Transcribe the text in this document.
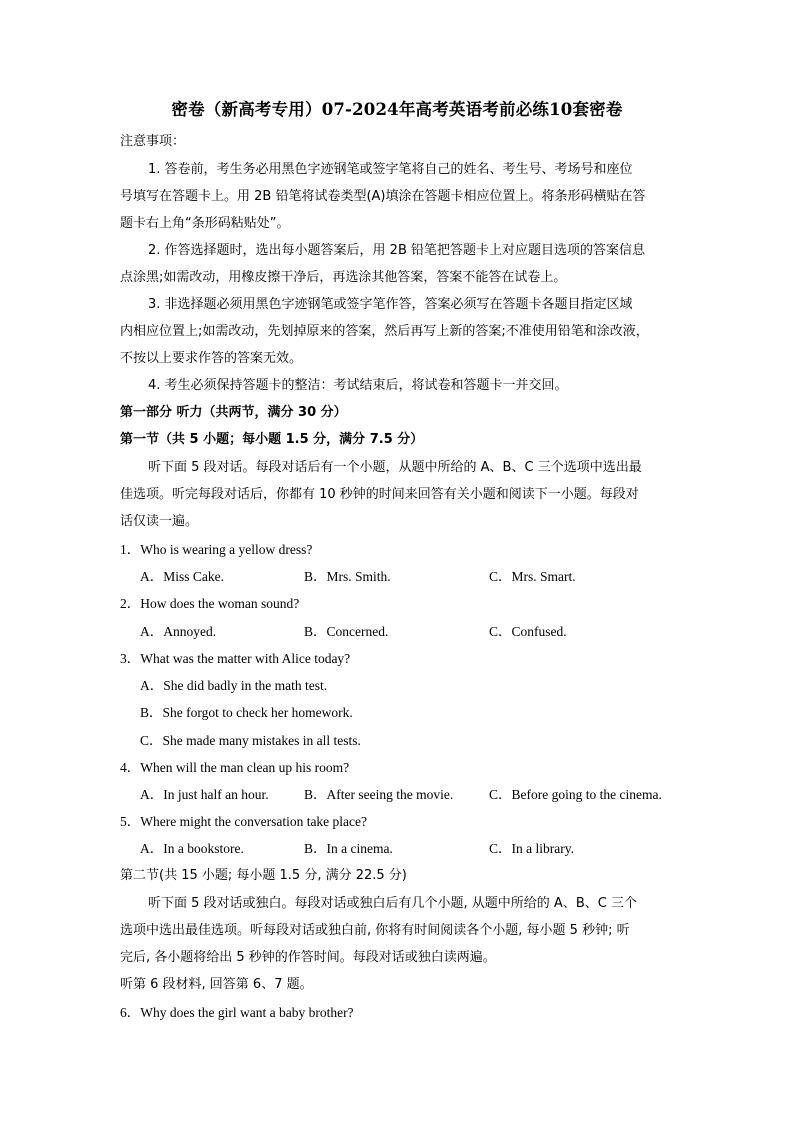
密卷（新高考专用）07-2024年高考英语考前必练10套密卷
注意事项：
1. 答卷前，考生务必用黑色字迹钢笔或签字笔将自己的姓名、考生号、考场号和座位
号填写在答题卡上。用 2B 铅笔将试卷类型(A)填涂在答题卡相应位置上。将条形码横贴在答
题卡右上角“条形码粘贴处”。
2. 作答选择题时，选出每小题答案后，用 2B 铅笔把答题卡上对应题目选项的答案信息
点涂黑;如需改动，用橡皮擦干净后，再选涂其他答案，答案不能答在试卷上。
3. 非选择题必须用黑色字迹钢笔或签字笔作答，答案必须写在答题卡各题目指定区域
内相应位置上;如需改动，先划掉原来的答案，然后再写上新的答案;不准使用铅笔和涂改液，
不按以上要求作答的答案无效。
4. 考生必须保持答题卡的整洁：考试结束后，将试卷和答题卡一并交回。
第一部分 听力（共两节，满分 30 分）
第一节（共 5 小题；每小题 1.5 分，满分 7.5 分）
听下面 5 段对话。每段对话后有一个小题，从题中所给的 A、B、C 三个选项中选出最
佳选项。听完每段对话后，你都有 10 秒钟的时间来回答有关小题和阅读下一小题。每段对
话仅读一遍。
1．Who is wearing a yellow dress?
A．Miss Cake.	B．Mrs. Smith.	C．Mrs. Smart.
2．How does the woman sound?
A．Annoyed.	B．Concerned.	C．Confused.
3．What was the matter with Alice today?
A．She did badly in the math test.
B．She forgot to check her homework.
C．She made many mistakes in all tests.
4．When will the man clean up his room?
A．In just half an hour.	B．After seeing the movie.	C．Before going to the cinema.
5．Where might the conversation take place?
A．In a bookstore.	B．In a cinema.	C．In a library.
第二节(共 15 小题; 每小题 1.5 分, 满分 22.5 分)
听下面 5 段对话或独白。每段对话或独白后有几个小题, 从题中所给的 A、B、C 三个
选项中选出最佳选项。听每段对话或独白前, 你将有时间阅读各个小题, 每小题 5 秒钟; 听
完后, 各小题将给出 5 秒钟的作答时间。每段对话或独白读两遍。
听第 6 段材料, 回答第 6、7 题。
6．Why does the girl want a baby brother?
